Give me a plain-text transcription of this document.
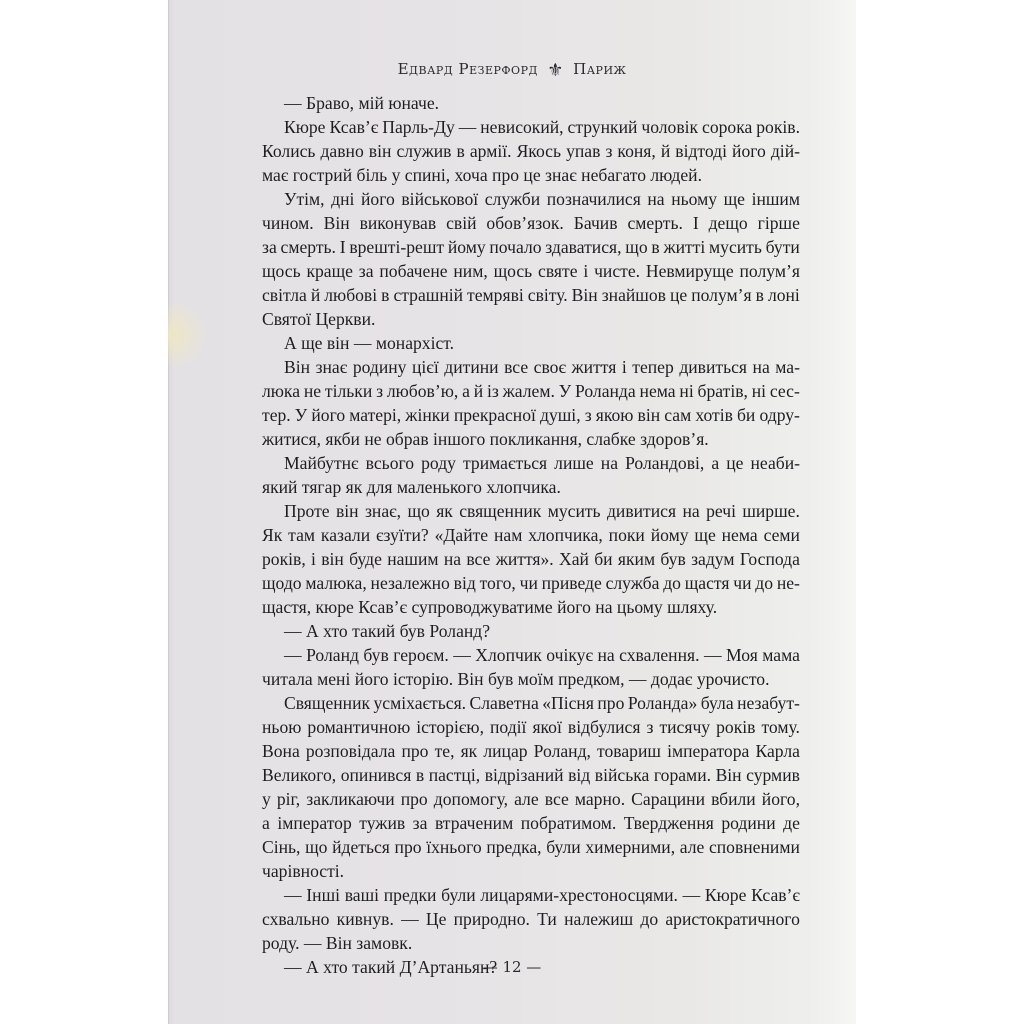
Едвард Резерфорд ⚜ Париж
— Браво, мій юначе.
Кюре Ксав’є Парль-Ду — невисокий, стрункий чоловік сорока років.
Колись давно він служив в армії. Якось упав з коня, й відтоді його дій-
має гострий біль у спині, хоча про це знає небагато людей.
Утім, дні його військової служби позначилися на ньому ще іншим
чином. Він виконував свій обов’язок. Бачив смерть. І дещо гірше
за смерть. І врешті-решт йому почало здаватися, що в житті мусить бути
щось краще за побачене ним, щось святе і чисте. Невмируще полум’я
світла й любові в страшній темряві світу. Він знайшов це полум’я в лоні
Святої Церкви.
А ще він — монархіст.
Він знає родину цієї дитини все своє життя і тепер дивиться на ма-
люка не тільки з любов’ю, а й із жалем. У Роланда нема ні братів, ні сес-
тер. У його матері, жінки прекрасної душі, з якою він сам хотів би одру-
житися, якби не обрав іншого покликання, слабке здоров’я.
Майбутнє всього роду тримається лише на Роландові, а це неаби-
який тягар як для маленького хлопчика.
Проте він знає, що як священник мусить дивитися на речі ширше.
Як там казали єзуїти? «Дайте нам хлопчика, поки йому ще нема семи
років, і він буде нашим на все життя». Хай би яким був задум Господа
щодо малюка, незалежно від того, чи приведе служба до щастя чи до не-
щастя, кюре Ксав’є супроводжуватиме його на цьому шляху.
— А хто такий був Роланд?
— Роланд був героєм. — Хлопчик очікує на схвалення. — Моя мама
читала мені його історію. Він був моїм предком, — додає урочисто.
Священник усміхається. Славетна «Пісня про Роланда» була незабут-
ньою романтичною історією, події якої відбулися з тисячу років тому.
Вона розповідала про те, як лицар Роланд, товариш імператора Карла
Великого, опинився в пастці, відрізаний від війська горами. Він сурмив
у ріг, закликаючи про допомогу, але все марно. Сарацини вбили його,
а імператор тужив за втраченим побратимом. Твердження родини де
Сінь, що йдеться про їхнього предка, були химерними, але сповненими
чарівності.
— Інші ваші предки були лицарями-хрестоносцями. — Кюре Ксав’є
схвально кивнув. — Це природно. Ти належиш до аристократичного
роду. — Він замовк.
— А хто такий Д’Артаньян?
— 12 —
